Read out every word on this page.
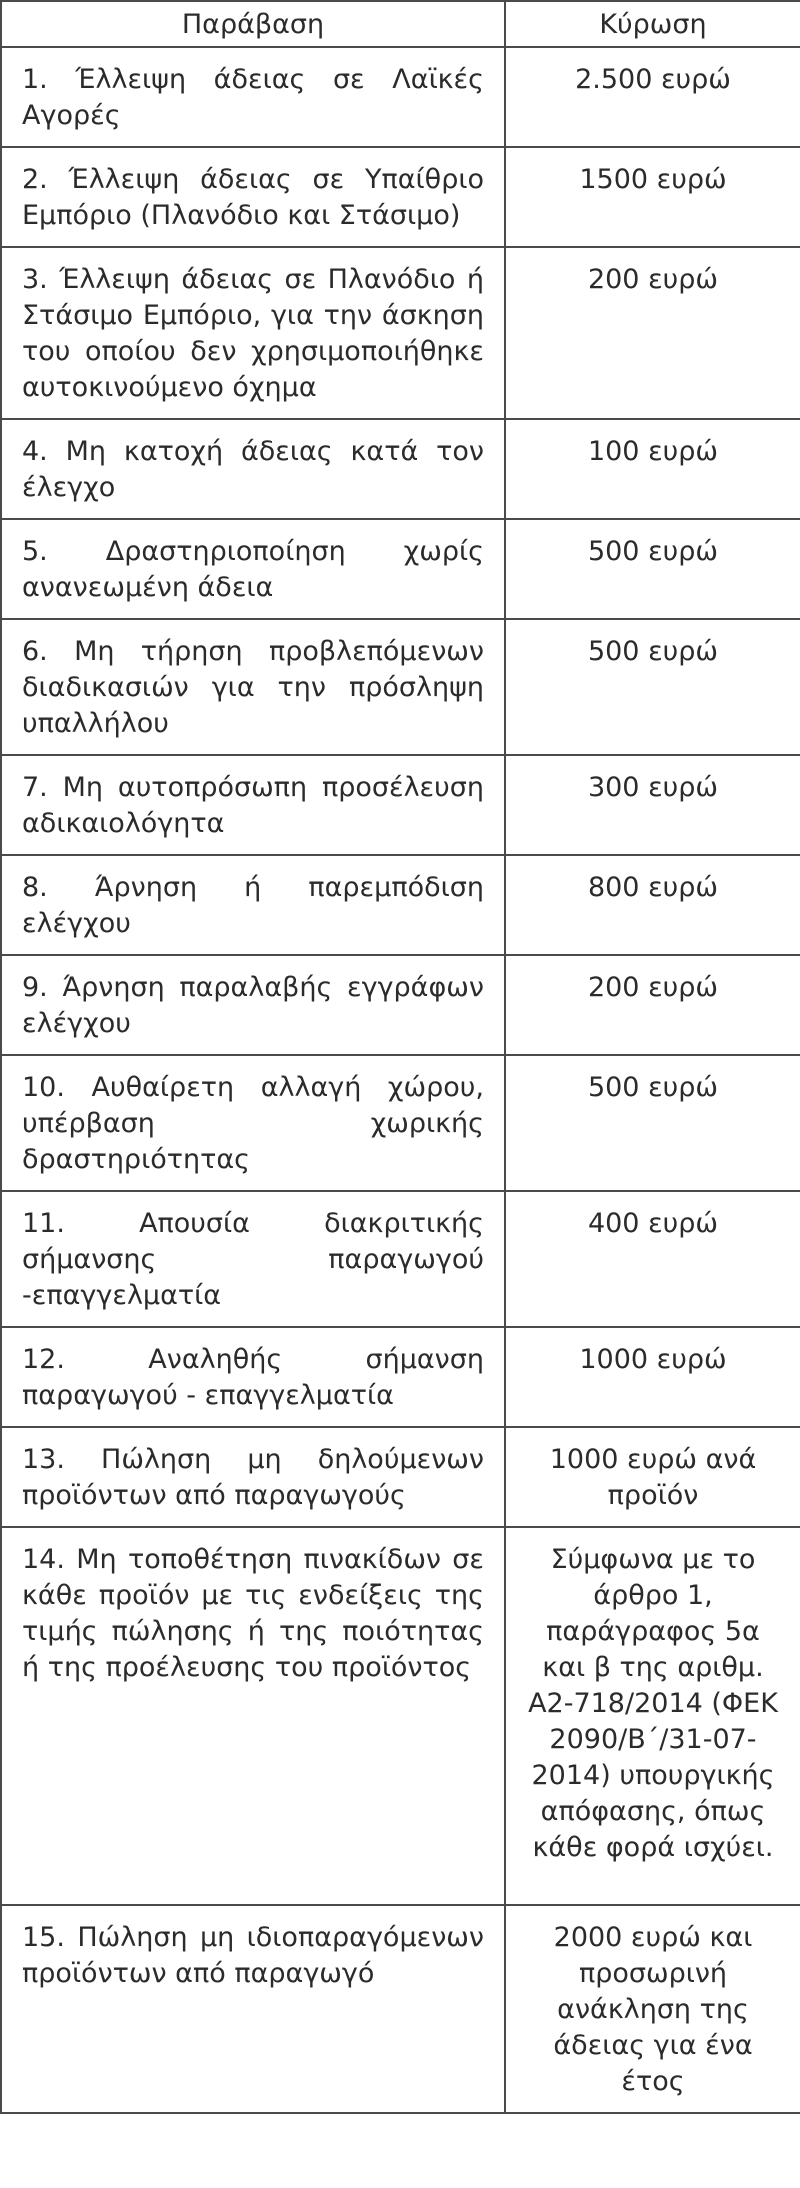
Παράβαση	Κύρωση
1. Έλλειψη άδειας σε Λαϊκές Αγορές	2.500 ευρώ
2. Έλλειψη άδειας σε Υπαίθριο Εμπόριο (Πλανόδιο και Στάσιμο)	1500 ευρώ
3. Έλλειψη άδειας σε Πλανόδιο ή Στάσιμο Εμπόριο, για την άσκηση του οποίου δεν χρησιμοποιήθηκε αυτοκινούμενο όχημα	200 ευρώ
4. Μη κατοχή άδειας κατά τον έλεγχο	100 ευρώ
5. Δραστηριοποίηση χωρίς ανανεωμένη άδεια	500 ευρώ
6. Μη τήρηση προβλεπόμενων διαδικασιών για την πρόσληψη υπαλλήλου	500 ευρώ
7. Μη αυτοπρόσωπη προσέλευση αδικαιολόγητα	300 ευρώ
8. Άρνηση ή παρεμπόδιση ελέγχου	800 ευρώ
9. Άρνηση παραλαβής εγγράφων ελέγχου	200 ευρώ
10. Αυθαίρετη αλλαγή χώρου, υπέρβαση χωρικής δραστηριότητας	500 ευρώ
11. Απουσία διακριτικής σήμανσης παραγωγού -επαγγελματία	400 ευρώ
12. Αναληθής σήμανση παραγωγού - επαγγελματία	1000 ευρώ
13. Πώληση μη δηλούμενων προϊόντων από παραγωγούς	1000 ευρώ ανά προϊόν
14. Μη τοποθέτηση πινακίδων σε κάθε προϊόν με τις ενδείξεις της τιμής πώλησης ή της ποιότητας ή της προέλευσης του προϊόντος	Σύμφωνα με το άρθρο 1, παράγραφος 5α και β της αριθμ. Α2-718/2014 (ΦΕΚ 2090/Β΄/31-07-2014) υπουργικής απόφασης, όπως κάθε φορά ισχύει.
15. Πώληση μη ιδιοπαραγόμενων προϊόντων από παραγωγό	2000 ευρώ και προσωρινή ανάκληση της άδειας για ένα έτος
